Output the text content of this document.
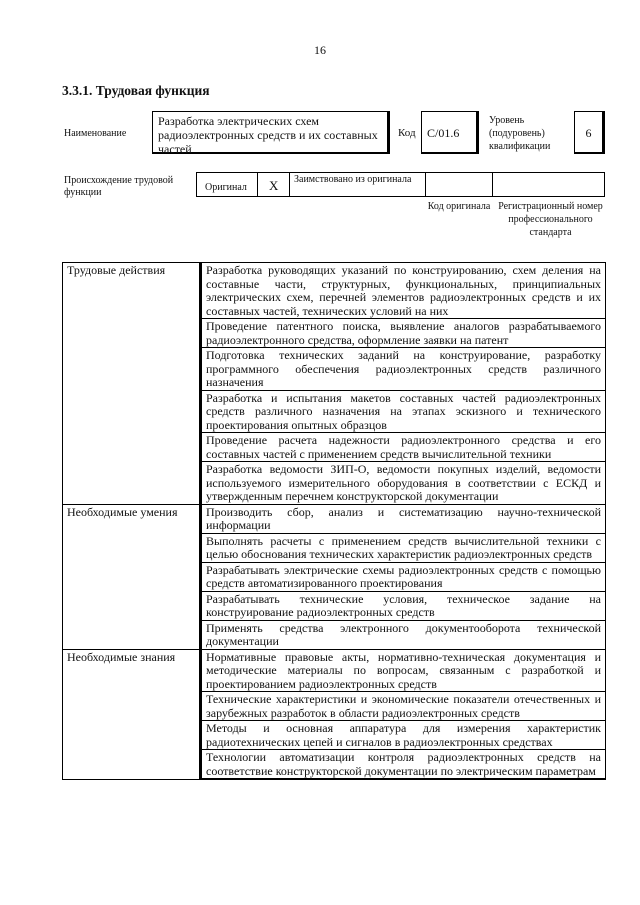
16
3.3.1. Трудовая функция
Наименование
Разработка электрических схем радиоэлектронных средств и их составных частей
Код C/01.6
Уровень
(подуровень)
квалификации
6
Происхождение трудовой функции	Оригинал X Заимствовано из оригинала
Код оригинала Регистрационный номер профессионального стандарта
Трудовые действия	Разработка руководящих указаний по конструированию, схем деления на составные части, структурных, функциональных, принципиальных электрических схем, перечней элементов радиоэлектронных средств и их составных частей, технических условий на них
	Проведение патентного поиска, выявление аналогов разрабатываемого радиоэлектронного средства, оформление заявки на патент
	Подготовка технических заданий на конструирование, разработку программного обеспечения радиоэлектронных средств различного назначения
	Разработка и испытания макетов составных частей радиоэлектронных средств различного назначения на этапах эскизного и технического проектирования опытных образцов
	Проведение расчета надежности радиоэлектронного средства и его составных частей с применением средств вычислительной техники
	Разработка ведомости ЗИП-О, ведомости покупных изделий, ведомости используемого измерительного оборудования в соответствии с ЕСКД и утвержденным перечнем конструкторской документации
Необходимые умения	Производить сбор, анализ и систематизацию научно-технической информации
	Выполнять расчеты с применением средств вычислительной техники с целью обоснования технических характеристик радиоэлектронных средств
	Разрабатывать электрические схемы радиоэлектронных средств с помощью средств автоматизированного проектирования
	Разрабатывать технические условия, техническое задание на конструирование радиоэлектронных средств
	Применять средства электронного документооборота технической документации
Необходимые знания	Нормативные правовые акты, нормативно-техническая документация и методические материалы по вопросам, связанным с разработкой и проектированием радиоэлектронных средств
	Технические характеристики и экономические показатели отечественных и зарубежных разработок в области радиоэлектронных средств
	Методы и основная аппаратура для измерения характеристик радиотехнических цепей и сигналов в радиоэлектронных средствах
	Технологии автоматизации контроля радиоэлектронных средств на соответствие конструкторской документации по электрическим параметрам
